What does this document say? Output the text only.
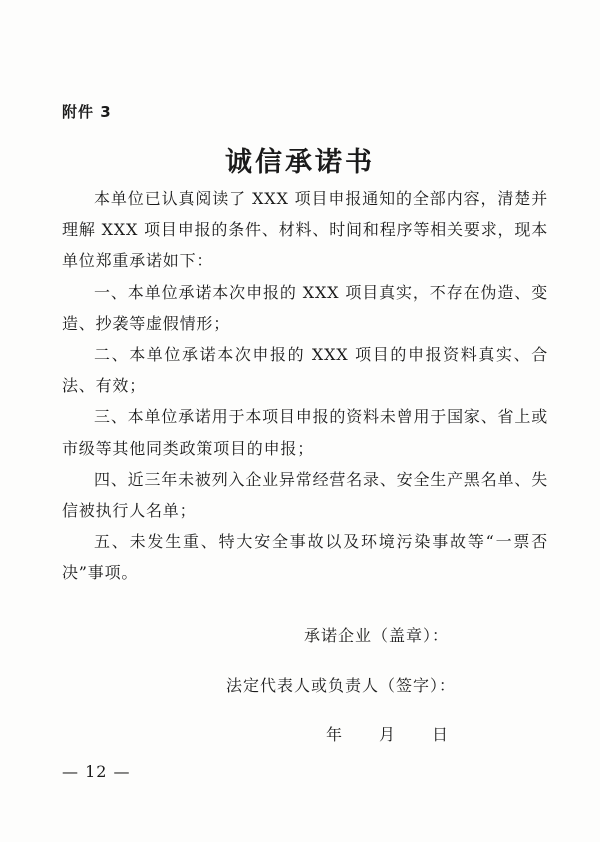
附件 3
诚信承诺书

本单位已认真阅读了 XXX 项目申报通知的全部内容，清楚并理解 XXX 项目申报的条件、材料、时间和程序等相关要求，现本单位郑重承诺如下：

一、本单位承诺本次申报的 XXX 项目真实，不存在伪造、变造、抄袭等虚假情形；

二、本单位承诺本次申报的 XXX 项目的申报资料真实、合法、有效；

三、本单位承诺用于本项目申报的资料未曾用于国家、省上或市级等其他同类政策项目的申报；

四、近三年未被列入企业异常经营名录、安全生产黑名单、失信被执行人名单；

五、未发生重、特大安全事故以及环境污染事故等“一票否决”事项。

承诺企业（盖章）：
法定代表人或负责人（签字）：
年 月 日
— 12 —
